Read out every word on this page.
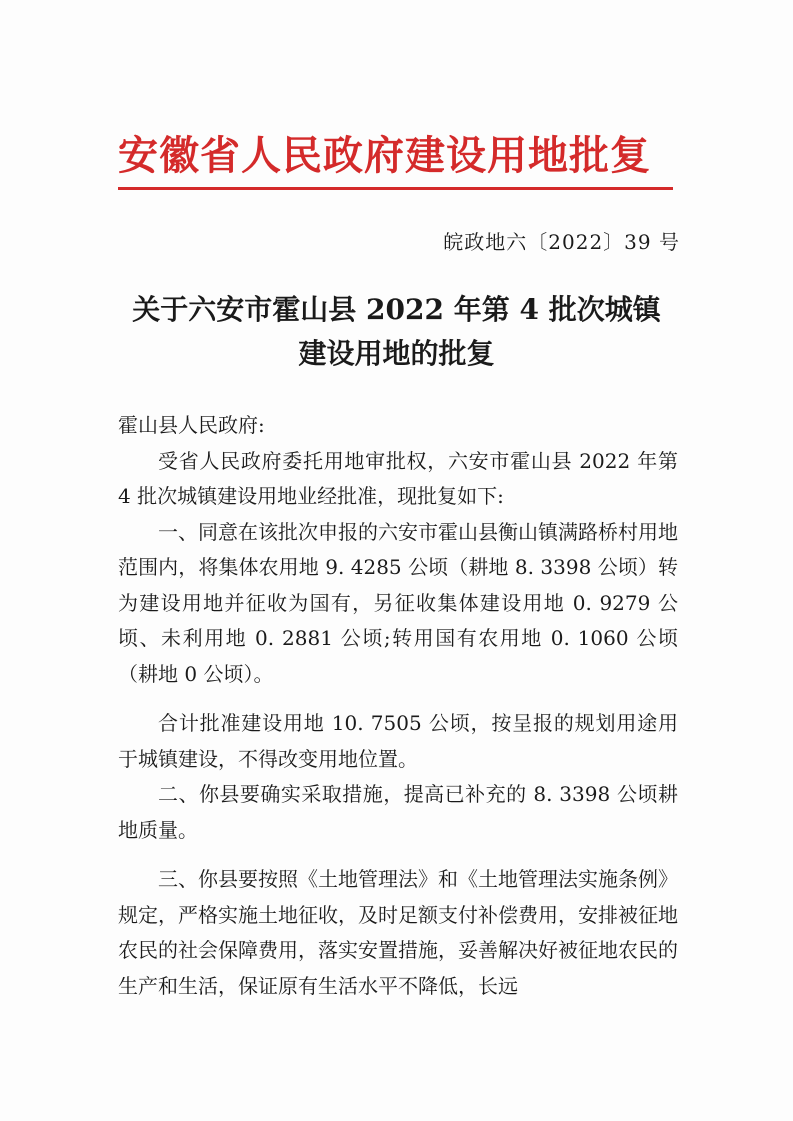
安徽省人民政府建设用地批复
皖政地六〔2022〕39 号
关于六安市霍山县 2022 年第 4 批次城镇
建设用地的批复

霍山县人民政府:

受省人民政府委托用地审批权，六安市霍山县 2022 年第 4 批次城镇建设用地业经批准，现批复如下:

一、同意在该批次申报的六安市霍山县衡山镇满路桥村用地范围内，将集体农用地 9. 4285 公顷（耕地 8. 3398 公顷）转为建设用地并征收为国有，另征收集体建设用地 0. 9279 公顷、未利用地 0. 2881 公顷;转用国有农用地 0. 1060 公顷（耕地 0 公顷）。

合计批准建设用地 10. 7505 公顷，按呈报的规划用途用于城镇建设，不得改变用地位置。

二、你县要确实采取措施，提高已补充的 8. 3398 公顷耕地质量。

三、你县要按照《土地管理法》和《土地管理法实施条例》规定，严格实施土地征收，及时足额支付补偿费用，安排被征地农民的社会保障费用，落实安置措施，妥善解决好被征地农民的生产和生活，保证原有生活水平不降低，长远
